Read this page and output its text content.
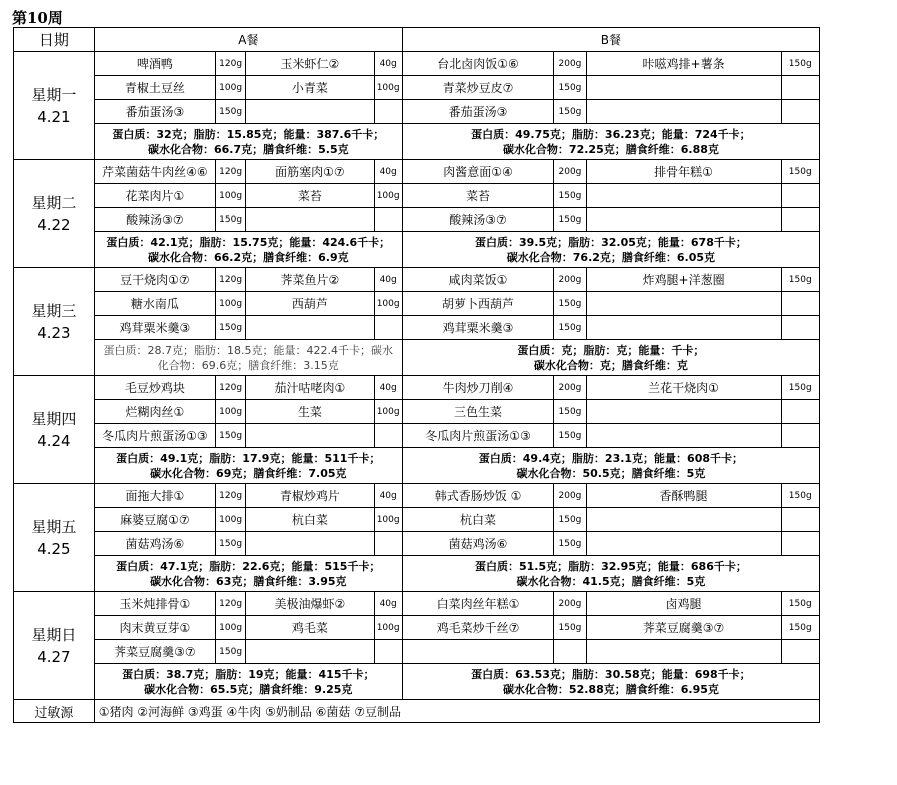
第10周
日期	A餐				B餐			

星期一
4.21	啤酒鸭	120g	玉米虾仁②	40g	台北卤肉饭①⑥	200g	咔嗞鸡排+薯条	150g
	青椒土豆丝	100g	小青菜	100g	青菜炒豆皮⑦	150g		
	番茄蛋汤③	150g			番茄蛋汤③	150g		

	蛋白质：32克；脂肪：15.85克；能量：387.6千卡；
碳水化合物：66.7克；膳食纤维：5.5克				蛋白质：49.75克；脂肪：36.23克；能量：724千卡；
碳水化合物：72.25克；膳食纤维：6.88克			

星期二
4.22	芹菜菌菇牛肉丝④⑥	120g	面筋塞肉①⑦	40g	肉酱意面①④	200g	排骨年糕①	150g
	花菜肉片①	100g	菜苔	100g	菜苔	150g		
	酸辣汤③⑦	150g			酸辣汤③⑦	150g		

	蛋白质：42.1克；脂肪：15.75克；能量：424.6千卡；
碳水化合物：66.2克；膳食纤维：6.9克				蛋白质：39.5克；脂肪：32.05克；能量：678千卡；
碳水化合物：76.2克；膳食纤维：6.05克			

星期三
4.23	豆干烧肉①⑦	120g	荠菜鱼片②	40g	咸肉菜饭①	200g	炸鸡腿+洋葱圈	150g
	糖水南瓜	100g	西葫芦	100g	胡萝卜西葫芦	150g		
	鸡茸粟米羹③	150g			鸡茸粟米羹③	150g		

	蛋白质：28.7克；脂肪：18.5克；能量：422.4千卡；碳水
化合物：69.6克；膳食纤维：3.15克				蛋白质：克；脂肪：克；能量：千卡；
碳水化合物：克；膳食纤维：克			

星期四
4.24	毛豆炒鸡块	120g	茄汁咕咾肉①	40g	牛肉炒刀削④	200g	兰花干烧肉①	150g
	烂糊肉丝①	100g	生菜	100g	三色生菜	150g		
	冬瓜肉片煎蛋汤①③	150g			冬瓜肉片煎蛋汤①③	150g		

	蛋白质：49.1克；脂肪：17.9克；能量：511千卡；
碳水化合物：69克；膳食纤维：7.05克				蛋白质：49.4克；脂肪：23.1克；能量：608千卡；
碳水化合物：50.5克；膳食纤维：5克			

星期五
4.25	面拖大排①	120g	青椒炒鸡片	40g	韩式香肠炒饭 ①	200g	香酥鸭腿	150g
	麻婆豆腐①⑦	100g	杭白菜	100g	杭白菜	150g		
	菌菇鸡汤⑥	150g			菌菇鸡汤⑥	150g		

	蛋白质：47.1克；脂肪：22.6克；能量：515千卡；
碳水化合物：63克；膳食纤维：3.95克				蛋白质：51.5克；脂肪：32.95克；能量：686千卡；
碳水化合物：41.5克；膳食纤维：5克			

星期日
4.27	玉米炖排骨①	120g	美极油爆虾②	40g	白菜肉丝年糕①	200g	卤鸡腿	150g
	肉末黄豆芽①	100g	鸡毛菜	100g	鸡毛菜炒千丝⑦	150g	荠菜豆腐羹③⑦	150g
	荠菜豆腐羹③⑦	150g						

	蛋白质：38.7克；脂肪：19克；能量：415千卡；
碳水化合物：65.5克；膳食纤维：9.25克				蛋白质：63.53克；脂肪：30.58克；能量：698千卡；
碳水化合物：52.88克；膳食纤维：6.95克			

过敏源	①猪肉 ②河海鲜 ③鸡蛋 ④牛肉 ⑤奶制品 ⑥菌菇 ⑦豆制品							
